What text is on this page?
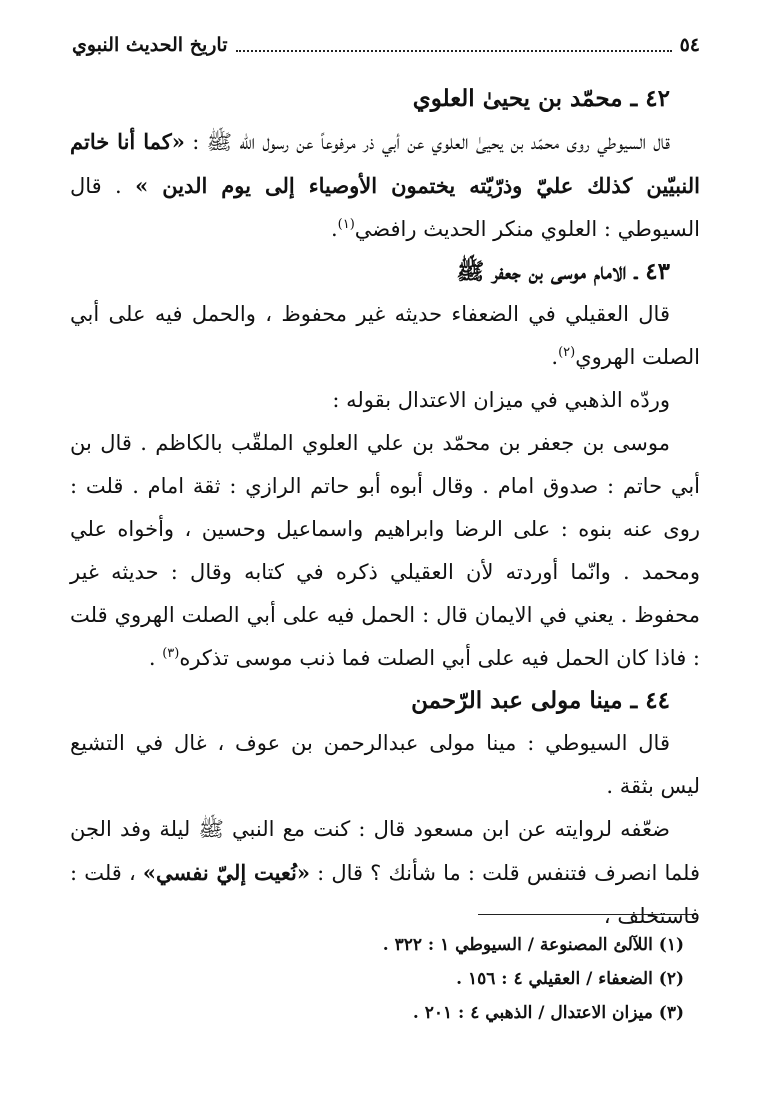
٥٤
تاريخ الحديث النبوي
٤٢ ـ محمّد بن يحيىٰ العلوي

قال السيوطي روى محمّد بن يحيىٰ العلوي عن أبي ذر مرفوعاً عن رسول الله ﷺ : «كما أنا خاتم النبيّين كذلك عليّ وذرّيّته يختمون الأوصياء إلى يوم الدين » . قال السيوطي : العلوي منكر الحديث رافضي$^{(١)}$.

٤٣ ـ الامام موسى بن جعفر ﷺ

قال العقيلي في الضعفاء حديثه غير محفوظ ، والحمل فيه على أبي الصلت الهروي$^{(٢)}$.

وردّه الذهبي في ميزان الاعتدال بقوله :

موسى بن جعفر بن محمّد بن علي العلوي الملقّب بالكاظم . قال بن أبي حاتم : صدوق امام . وقال أبوه أبو حاتم الرازي : ثقة امام . قلت : روى عنه بنوه : على الرضا وابراهيم واسماعيل وحسين ، وأخواه علي ومحمد . وانّما أوردته لأن العقيلي ذكره في كتابه وقال : حديثه غير محفوظ . يعني في الايمان قال : الحمل فيه على أبي الصلت الهروي قلت : فاذا كان الحمل فيه على أبي الصلت فما ذنب موسى تذكره$^{(٣)}$ .

٤٤ ـ مينا مولى عبد الرّحمن

قال السيوطي : مينا مولى عبدالرحمن بن عوف ، غال في التشيع ليس بثقة .

ضعّفه لروايته عن ابن مسعود قال : كنت مع النبي ﷺ ليلة وفد الجن فلما انصرف فتنفس قلت : ما شأنك ؟ قال : «نُعيت إليّ نفسي» ، قلت : فاستخلف ،

(١) اللآلئ المصنوعة / السيوطي ١ : ٣٢٢ .
(٢) الضعفاء / العقيلي ٤ : ١٥٦ .
(٣) ميزان الاعتدال / الذهبي ٤ : ٢٠١ .
